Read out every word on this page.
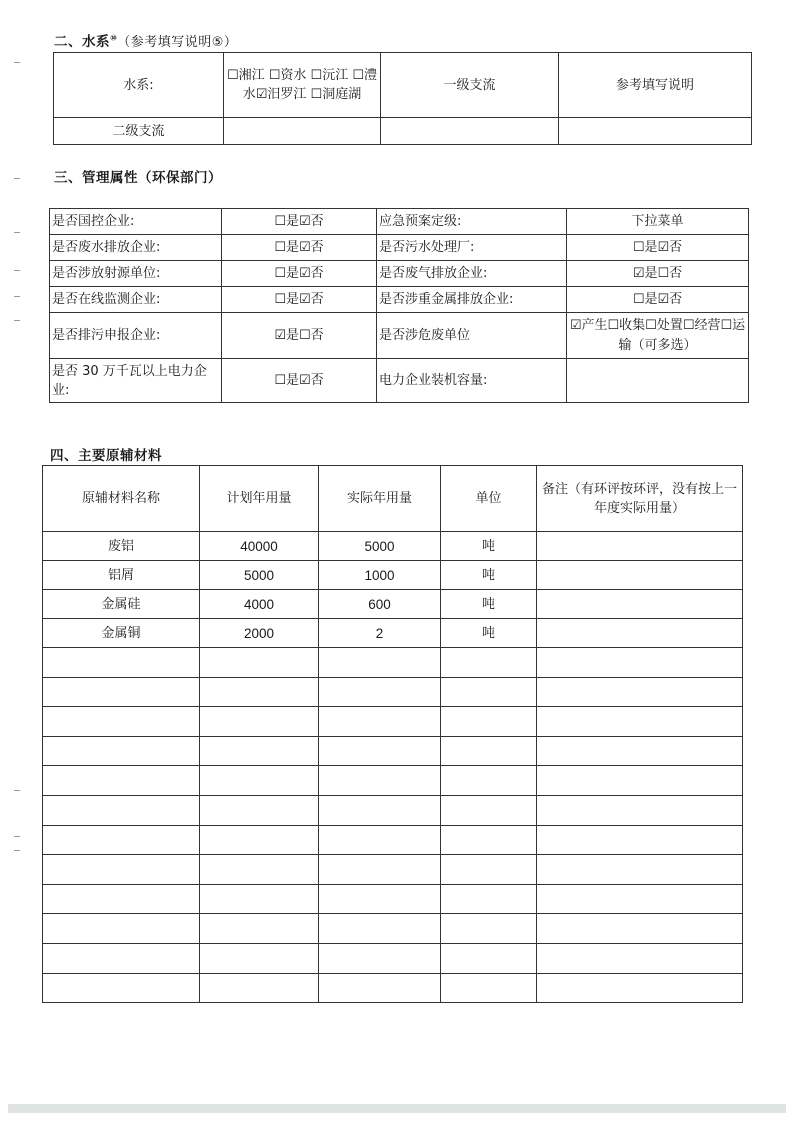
二、水系⑩（参考填写说明⑤）
水系:	☐湘江 ☐资水 ☐沅江 ☐澧水☑汨罗江 ☐洞庭湖	一级支流	参考填写说明
二级支流			
三、管理属性（环保部门）
是否国控企业:	☐是☑否	应急预案定级:	下拉菜单
是否废水排放企业:	☐是☑否	是否污水处理厂:	☐是☑否
是否涉放射源单位:	☐是☑否	是否废气排放企业:	☑是☐否
是否在线监测企业:	☐是☑否	是否涉重金属排放企业:	☐是☑否
是否排污申报企业:	☑是☐否	是否涉危废单位	☑产生☐收集☐处置☐经营☐运输（可多选）
是否 30 万千瓦以上电力企业:	☐是☑否	电力企业装机容量:	
四、主要原辅材料
原辅材料名称	计划年用量	实际年用量	单位	备注（有环评按环评，没有按上一年度实际用量）
废铝	40000	5000	吨	
铝屑	5000	1000	吨	
金属硅	4000	600	吨	
金属铜	2000	2	吨	
